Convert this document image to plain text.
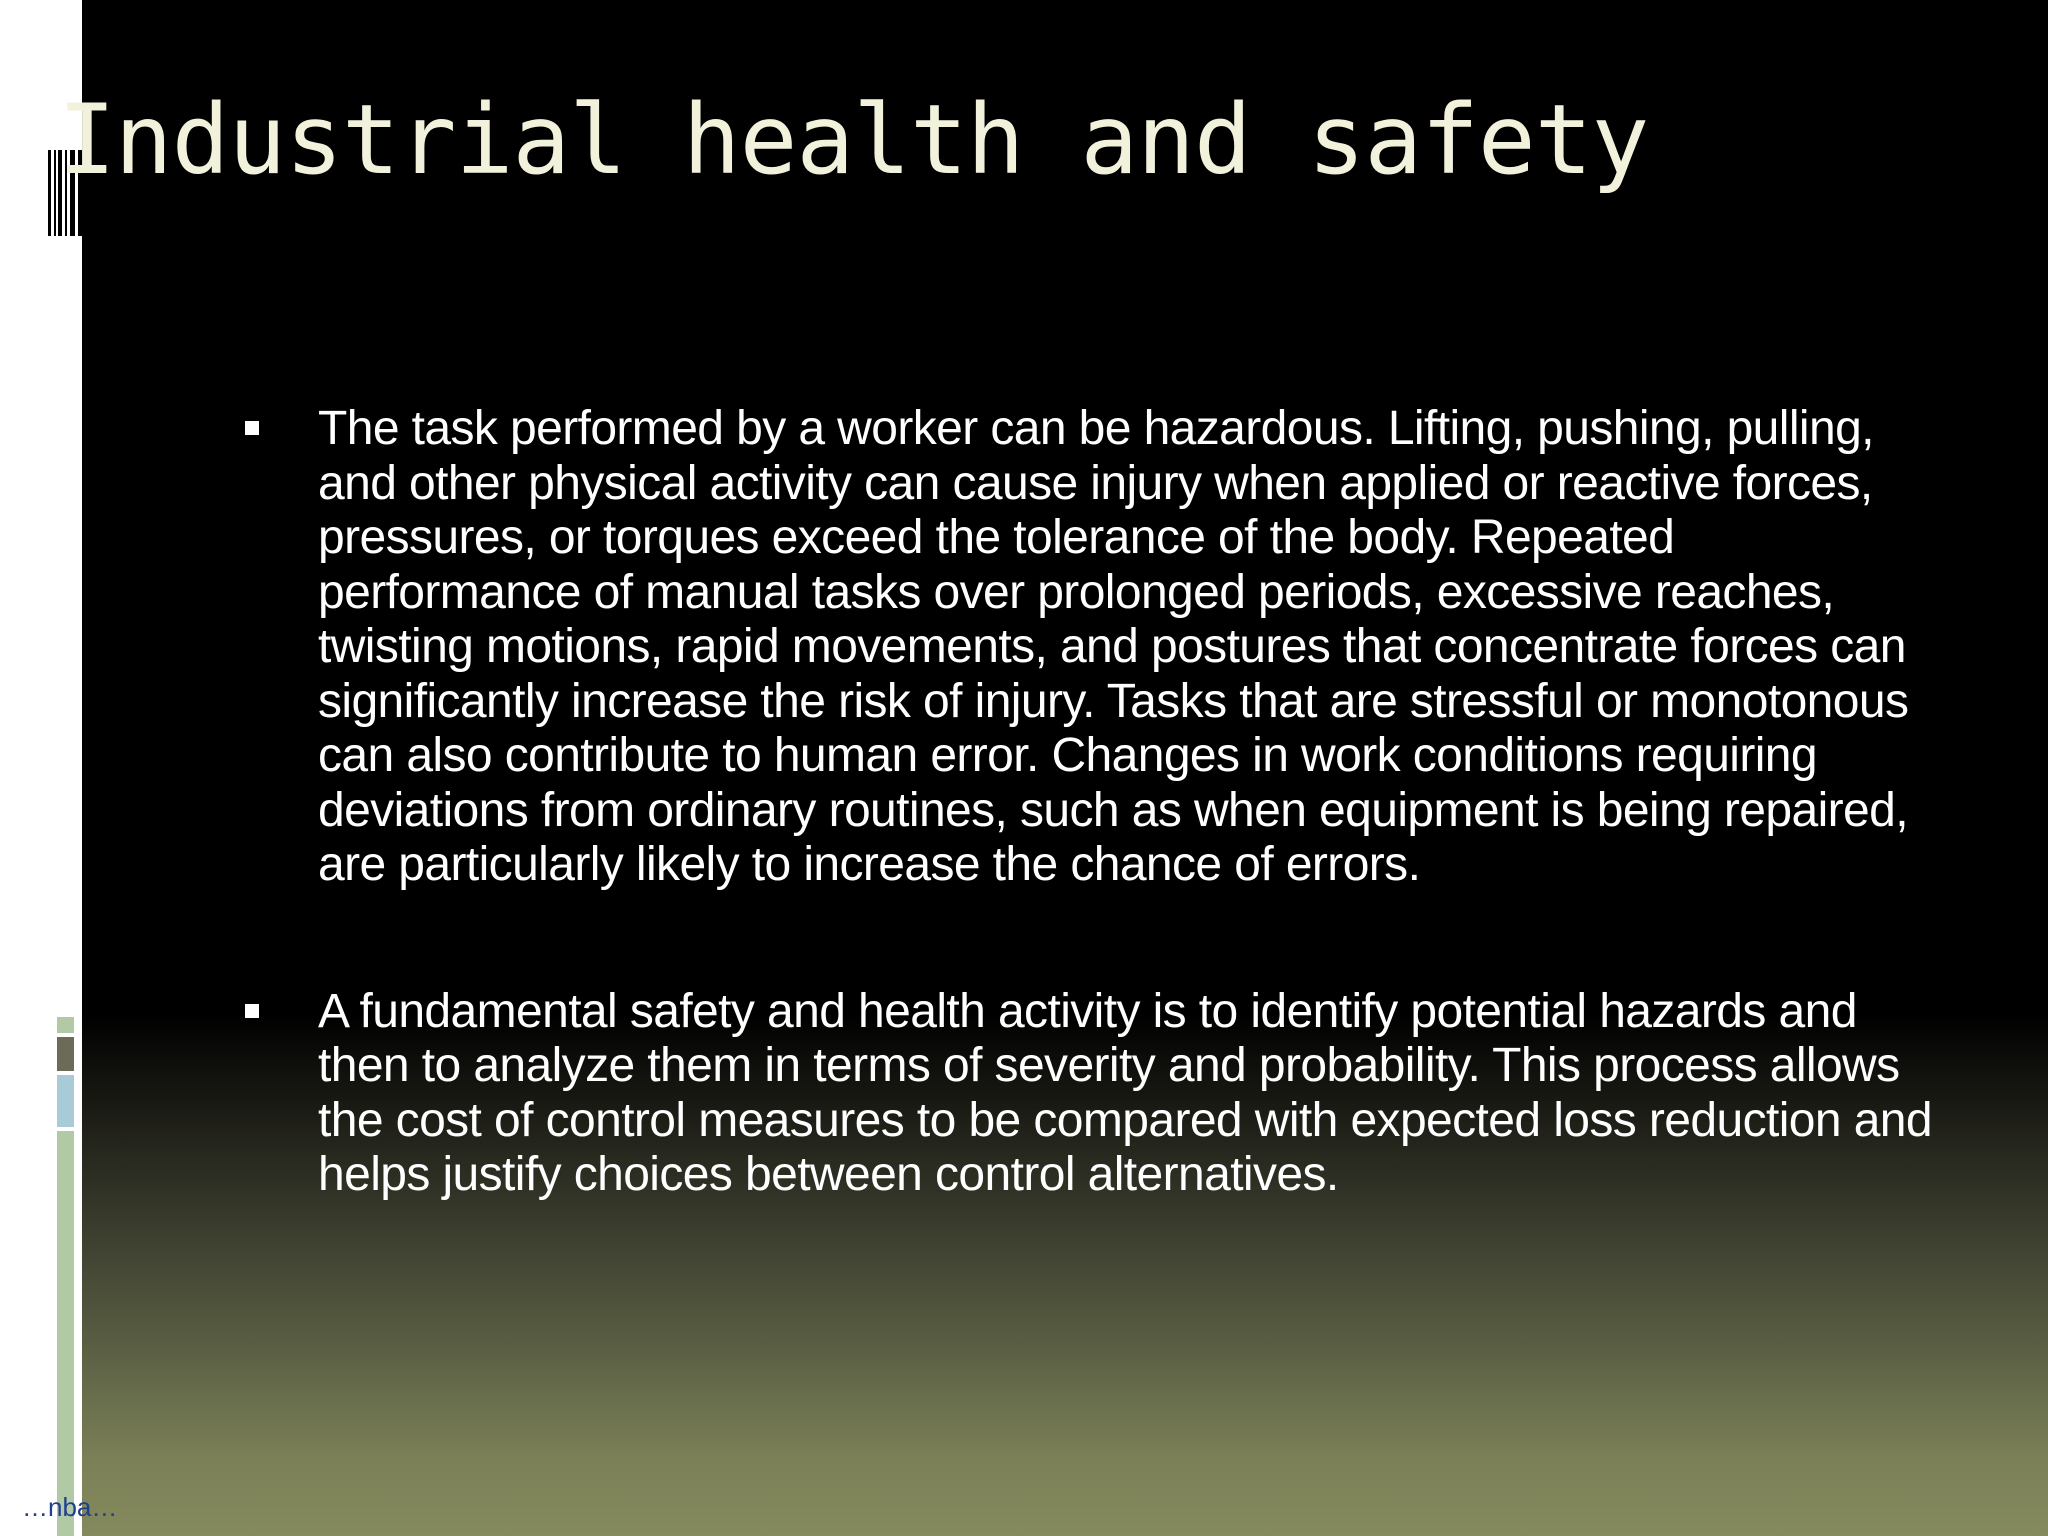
Industrial health and safety
The task performed by a worker can be hazardous. Lifting, pushing, pulling, and other physical activity can cause injury when applied or reactive forces, pressures, or torques exceed the tolerance of the body. Repeated performance of manual tasks over prolonged periods, excessive reaches, twisting motions, rapid movements, and postures that concentrate forces can significantly increase the risk of injury. Tasks that are stressful or monotonous can also contribute to human error. Changes in work conditions requiring deviations from ordinary routines, such as when equipment is being repaired, are particularly likely to increase the chance of errors.
A fundamental safety and health activity is to identify potential hazards and then to analyze them in terms of severity and probability. This process allows the cost of control measures to be compared with expected loss reduction and helps justify choices between control alternatives.
…nba…
